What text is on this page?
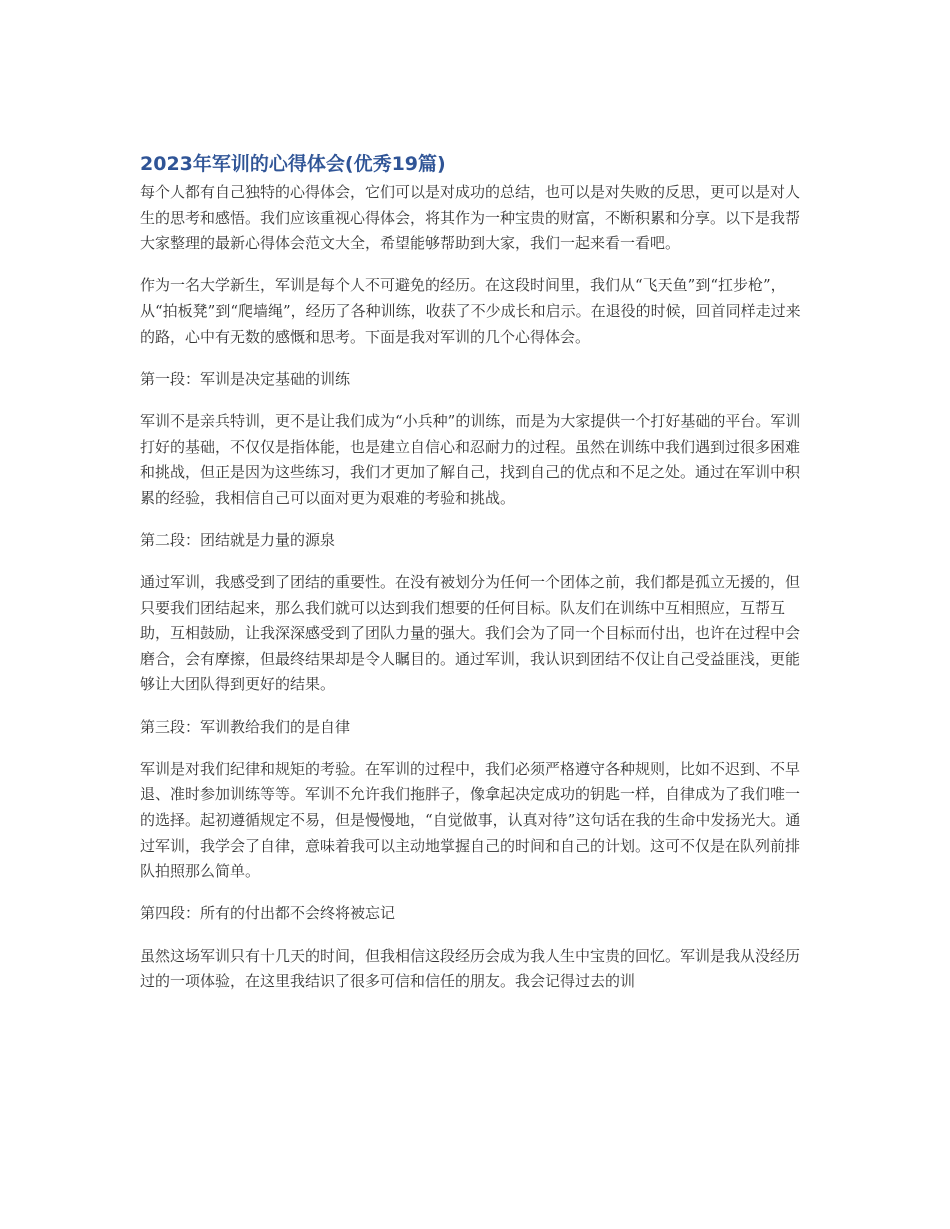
2023年军训的心得体会(优秀19篇)

每个人都有自己独特的心得体会，它们可以是对成功的总结，也可以是对失败的反思，更可以是对人生的思考和感悟。我们应该重视心得体会，将其作为一种宝贵的财富，不断积累和分享。以下是我帮大家整理的最新心得体会范文大全，希望能够帮助到大家，我们一起来看一看吧。

作为一名大学新生，军训是每个人不可避免的经历。在这段时间里，我们从“飞天鱼”到“扛步枪”，从“拍板凳”到“爬墙绳”，经历了各种训练，收获了不少成长和启示。在退役的时候，回首同样走过来的路，心中有无数的感慨和思考。下面是我对军训的几个心得体会。

第一段：军训是决定基础的训练

军训不是亲兵特训，更不是让我们成为“小兵种”的训练，而是为大家提供一个打好基础的平台。军训打好的基础，不仅仅是指体能，也是建立自信心和忍耐力的过程。虽然在训练中我们遇到过很多困难和挑战，但正是因为这些练习，我们才更加了解自己，找到自己的优点和不足之处。通过在军训中积累的经验，我相信自己可以面对更为艰难的考验和挑战。

第二段：团结就是力量的源泉

通过军训，我感受到了团结的重要性。在没有被划分为任何一个团体之前，我们都是孤立无援的，但只要我们团结起来，那么我们就可以达到我们想要的任何目标。队友们在训练中互相照应，互帮互助，互相鼓励，让我深深感受到了团队力量的强大。我们会为了同一个目标而付出，也许在过程中会磨合，会有摩擦，但最终结果却是令人瞩目的。通过军训，我认识到团结不仅让自己受益匪浅，更能够让大团队得到更好的结果。

第三段：军训教给我们的是自律

军训是对我们纪律和规矩的考验。在军训的过程中，我们必须严格遵守各种规则，比如不迟到、不早退、准时参加训练等等。军训不允许我们拖胖子，像拿起决定成功的钥匙一样，自律成为了我们唯一的选择。起初遵循规定不易，但是慢慢地，“自觉做事，认真对待”这句话在我的生命中发扬光大。通过军训，我学会了自律，意味着我可以主动地掌握自己的时间和自己的计划。这可不仅是在队列前排队拍照那么简单。

第四段：所有的付出都不会终将被忘记

虽然这场军训只有十几天的时间，但我相信这段经历会成为我人生中宝贵的回忆。军训是我从没经历过的一项体验，在这里我结识了很多可信和信任的朋友。我会记得过去的训
